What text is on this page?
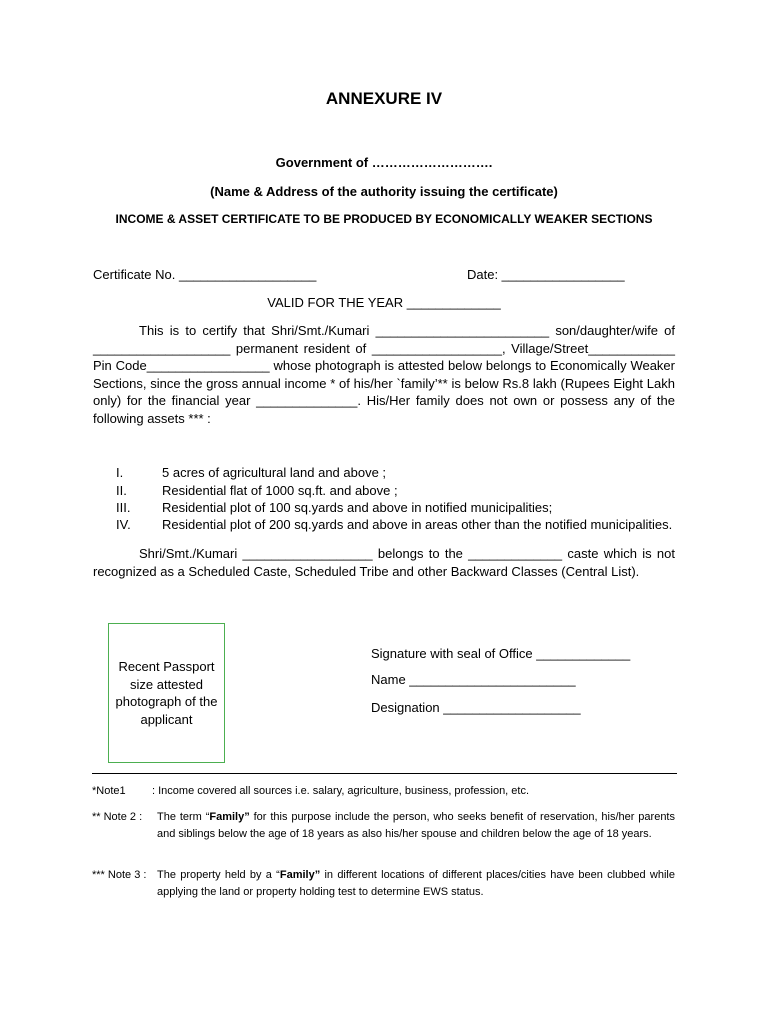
ANNEXURE IV
Government of ……………………….
(Name & Address of the authority issuing the certificate)
INCOME & ASSET CERTIFICATE TO BE PRODUCED BY ECONOMICALLY WEAKER SECTIONS
Certificate No. ___________________	Date: _________________
VALID FOR THE YEAR _____________
This is to certify that Shri/Smt./Kumari ________________________ son/daughter/wife of ___________________ permanent resident of __________________, Village/Street____________ Pin Code_________________ whose photograph is attested below belongs to Economically Weaker Sections, since the gross annual income * of his/her `family’** is below Rs.8 lakh (Rupees Eight Lakh only) for the financial year ______________. His/Her family does not own or possess any of the following assets *** :
I.	5 acres of agricultural land and above ;
II.	Residential flat of 1000 sq.ft. and above ;
III.	Residential plot of 100 sq.yards and above in notified municipalities;
IV.	Residential plot of 200 sq.yards and above in areas other than the notified municipalities.
Shri/Smt./Kumari __________________ belongs to the _____________ caste which is not recognized as a Scheduled Caste, Scheduled Tribe and other Backward Classes (Central List).
Recent Passport size attested photograph of the applicant
Signature with seal of Office _____________
Name _______________________
Designation ___________________
*Note1 : Income covered all sources i.e. salary, agriculture, business, profession, etc.
** Note 2 : The term “Family” for this purpose include the person, who seeks benefit of reservation, his/her parents and siblings below the age of 18 years as also his/her spouse and children below the age of 18 years.
*** Note 3 : The property held by a “Family” in different locations of different places/cities have been clubbed while applying the land or property holding test to determine EWS status.
